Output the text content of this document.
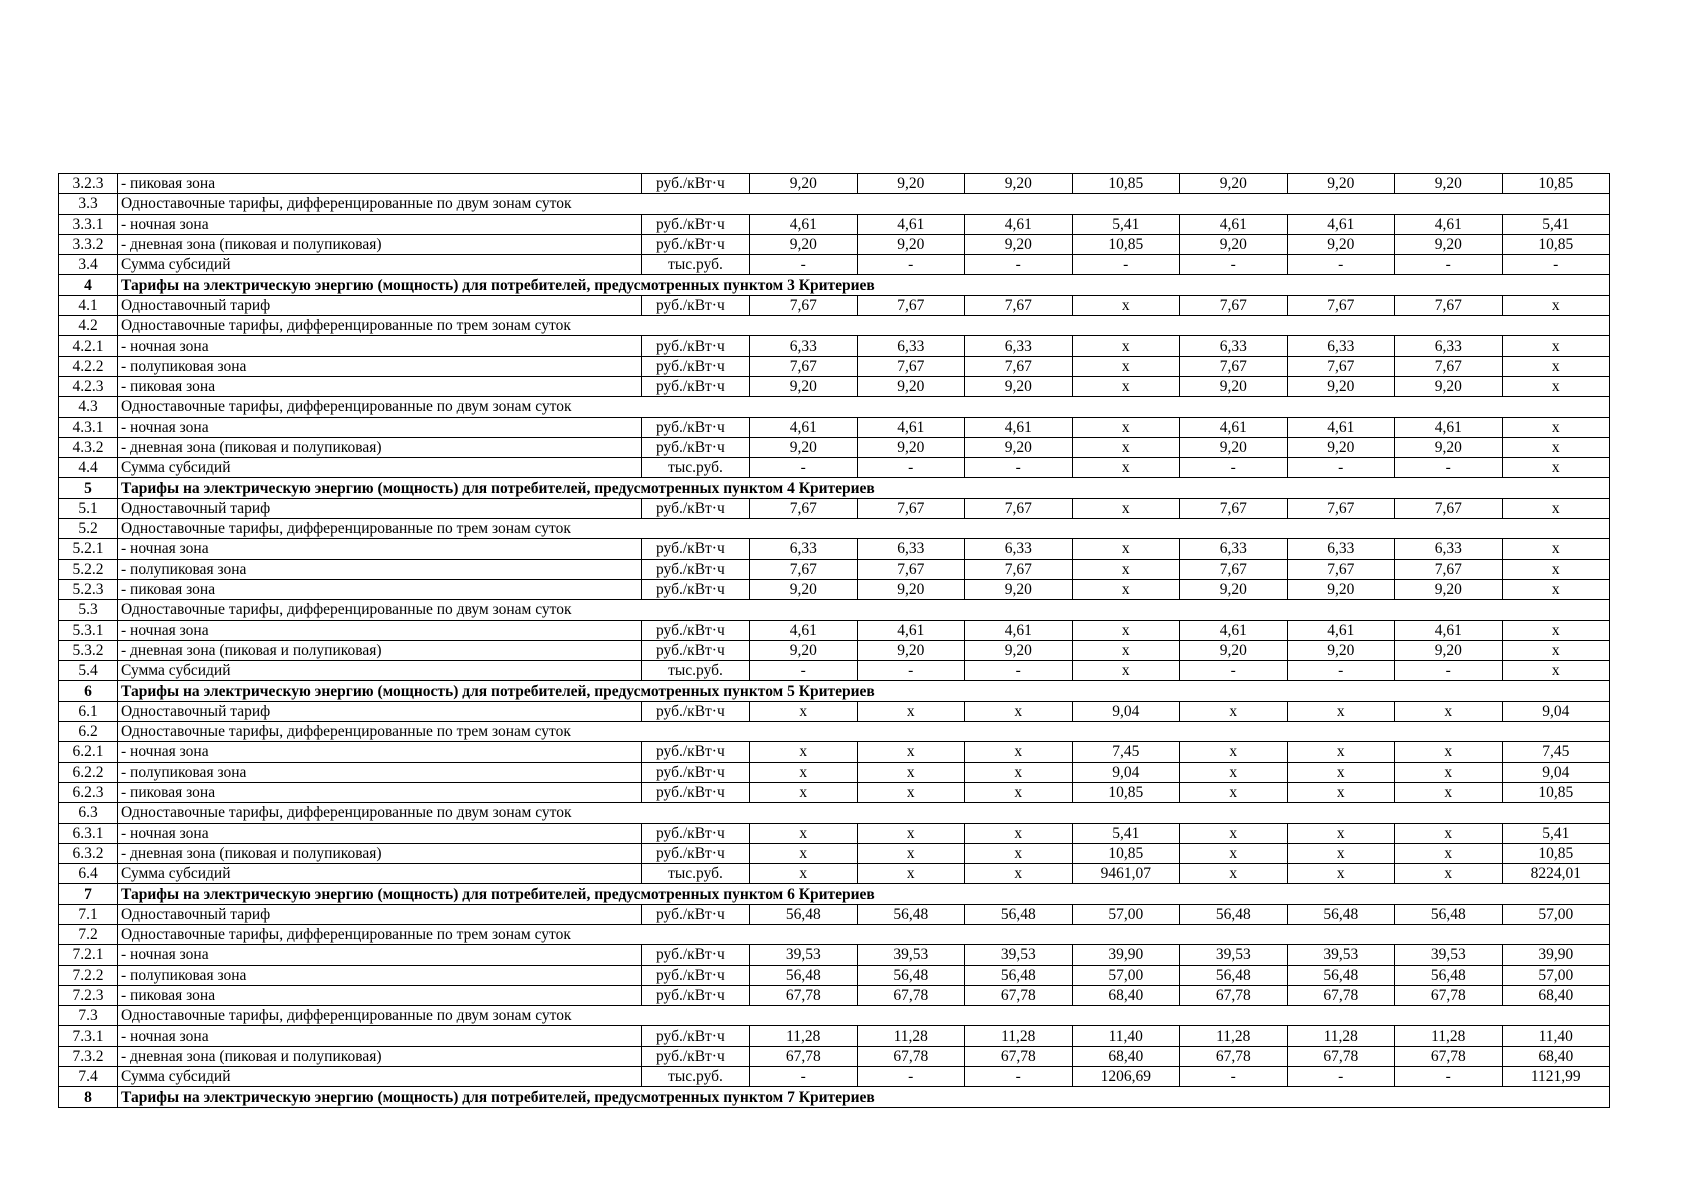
3.2.3	- пиковая зона	руб./кВт·ч	9,20	9,20	9,20	10,85	9,20	9,20	9,20	10,85
3.3	Одноставочные тарифы, дифференцированные по двум зонам суток									
3.3.1	- ночная зона	руб./кВт·ч	4,61	4,61	4,61	5,41	4,61	4,61	4,61	5,41
3.3.2	- дневная зона (пиковая и полупиковая)	руб./кВт·ч	9,20	9,20	9,20	10,85	9,20	9,20	9,20	10,85
3.4	Сумма субсидий	тыс.руб.	-	-	-	-	-	-	-	-
4	Тарифы на электрическую энергию (мощность) для потребителей, предусмотренных пунктом 3 Критериев									
4.1	Одноставочный тариф	руб./кВт·ч	7,67	7,67	7,67	x	7,67	7,67	7,67	x
4.2	Одноставочные тарифы, дифференцированные по трем зонам суток									
4.2.1	- ночная зона	руб./кВт·ч	6,33	6,33	6,33	x	6,33	6,33	6,33	x
4.2.2	- полупиковая зона	руб./кВт·ч	7,67	7,67	7,67	x	7,67	7,67	7,67	x
4.2.3	- пиковая зона	руб./кВт·ч	9,20	9,20	9,20	x	9,20	9,20	9,20	x
4.3	Одноставочные тарифы, дифференцированные по двум зонам суток									
4.3.1	- ночная зона	руб./кВт·ч	4,61	4,61	4,61	x	4,61	4,61	4,61	x
4.3.2	- дневная зона (пиковая и полупиковая)	руб./кВт·ч	9,20	9,20	9,20	x	9,20	9,20	9,20	x
4.4	Сумма субсидий	тыс.руб.	-	-	-	x	-	-	-	x
5	Тарифы на электрическую энергию (мощность) для потребителей, предусмотренных пунктом 4 Критериев									
5.1	Одноставочный тариф	руб./кВт·ч	7,67	7,67	7,67	x	7,67	7,67	7,67	x
5.2	Одноставочные тарифы, дифференцированные по трем зонам суток									
5.2.1	- ночная зона	руб./кВт·ч	6,33	6,33	6,33	x	6,33	6,33	6,33	x
5.2.2	- полупиковая зона	руб./кВт·ч	7,67	7,67	7,67	x	7,67	7,67	7,67	x
5.2.3	- пиковая зона	руб./кВт·ч	9,20	9,20	9,20	x	9,20	9,20	9,20	x
5.3	Одноставочные тарифы, дифференцированные по двум зонам суток									
5.3.1	- ночная зона	руб./кВт·ч	4,61	4,61	4,61	x	4,61	4,61	4,61	x
5.3.2	- дневная зона (пиковая и полупиковая)	руб./кВт·ч	9,20	9,20	9,20	x	9,20	9,20	9,20	x
5.4	Сумма субсидий	тыс.руб.	-	-	-	x	-	-	-	x
6	Тарифы на электрическую энергию (мощность) для потребителей, предусмотренных пунктом 5 Критериев									
6.1	Одноставочный тариф	руб./кВт·ч	x	x	x	9,04	x	x	x	9,04
6.2	Одноставочные тарифы, дифференцированные по трем зонам суток									
6.2.1	- ночная зона	руб./кВт·ч	x	x	x	7,45	x	x	x	7,45
6.2.2	- полупиковая зона	руб./кВт·ч	x	x	x	9,04	x	x	x	9,04
6.2.3	- пиковая зона	руб./кВт·ч	x	x	x	10,85	x	x	x	10,85
6.3	Одноставочные тарифы, дифференцированные по двум зонам суток									
6.3.1	- ночная зона	руб./кВт·ч	x	x	x	5,41	x	x	x	5,41
6.3.2	- дневная зона (пиковая и полупиковая)	руб./кВт·ч	x	x	x	10,85	x	x	x	10,85
6.4	Сумма субсидий	тыс.руб.	x	x	x	9461,07	x	x	x	8224,01
7	Тарифы на электрическую энергию (мощность) для потребителей, предусмотренных пунктом 6 Критериев									
7.1	Одноставочный тариф	руб./кВт·ч	56,48	56,48	56,48	57,00	56,48	56,48	56,48	57,00
7.2	Одноставочные тарифы, дифференцированные по трем зонам суток									
7.2.1	- ночная зона	руб./кВт·ч	39,53	39,53	39,53	39,90	39,53	39,53	39,53	39,90
7.2.2	- полупиковая зона	руб./кВт·ч	56,48	56,48	56,48	57,00	56,48	56,48	56,48	57,00
7.2.3	- пиковая зона	руб./кВт·ч	67,78	67,78	67,78	68,40	67,78	67,78	67,78	68,40
7.3	Одноставочные тарифы, дифференцированные по двум зонам суток									
7.3.1	- ночная зона	руб./кВт·ч	11,28	11,28	11,28	11,40	11,28	11,28	11,28	11,40
7.3.2	- дневная зона (пиковая и полупиковая)	руб./кВт·ч	67,78	67,78	67,78	68,40	67,78	67,78	67,78	68,40
7.4	Сумма субсидий	тыс.руб.	-	-	-	1206,69	-	-	-	1121,99
8	Тарифы на электрическую энергию (мощность) для потребителей, предусмотренных пунктом 7 Критериев									
